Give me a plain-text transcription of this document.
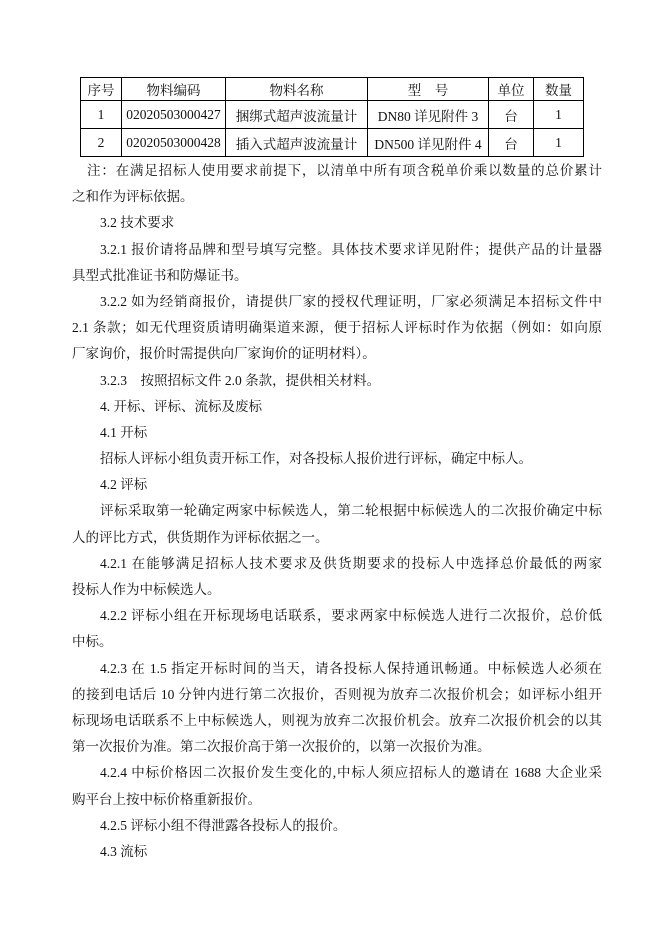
序号	物料编码	物料名称	型　号	单位	数量
1	02020503000427	捆绑式超声波流量计	DN80 详见附件 3	台	1
2	02020503000428	插入式超声波流量计	DN500 详见附件 4	台	1
注：在满足招标人使用要求前提下，以清单中所有项含税单价乘以数量的总价累计
之和作为评标依据。
3.2 技术要求
3.2.1 报价请将品牌和型号填写完整。具体技术要求详见附件；提供产品的计量器
具型式批准证书和防爆证书。
3.2.2 如为经销商报价，请提供厂家的授权代理证明，厂家必须满足本招标文件中
2.1 条款；如无代理资质请明确渠道来源，便于招标人评标时作为依据（例如：如向原
厂家询价，报价时需提供向厂家询价的证明材料）。
3.2.3　按照招标文件 2.0 条款，提供相关材料。
4. 开标、评标、流标及废标
4.1 开标
招标人评标小组负责开标工作，对各投标人报价进行评标，确定中标人。
4.2 评标
评标采取第一轮确定两家中标候选人，第二轮根据中标候选人的二次报价确定中标
人的评比方式，供货期作为评标依据之一。
4.2.1 在能够满足招标人技术要求及供货期要求的投标人中选择总价最低的两家
投标人作为中标候选人。
4.2.2 评标小组在开标现场电话联系，要求两家中标候选人进行二次报价，总价低
中标。
4.2.3 在 1.5 指定开标时间的当天，请各投标人保持通讯畅通。中标候选人必须在
的接到电话后 10 分钟内进行第二次报价，否则视为放弃二次报价机会；如评标小组开
标现场电话联系不上中标候选人，则视为放弃二次报价机会。放弃二次报价机会的以其
第一次报价为准。第二次报价高于第一次报价的，以第一次报价为准。
4.2.4 中标价格因二次报价发生变化的,中标人须应招标人的邀请在 1688 大企业采
购平台上按中标价格重新报价。
4.2.5 评标小组不得泄露各投标人的报价。
4.3 流标
